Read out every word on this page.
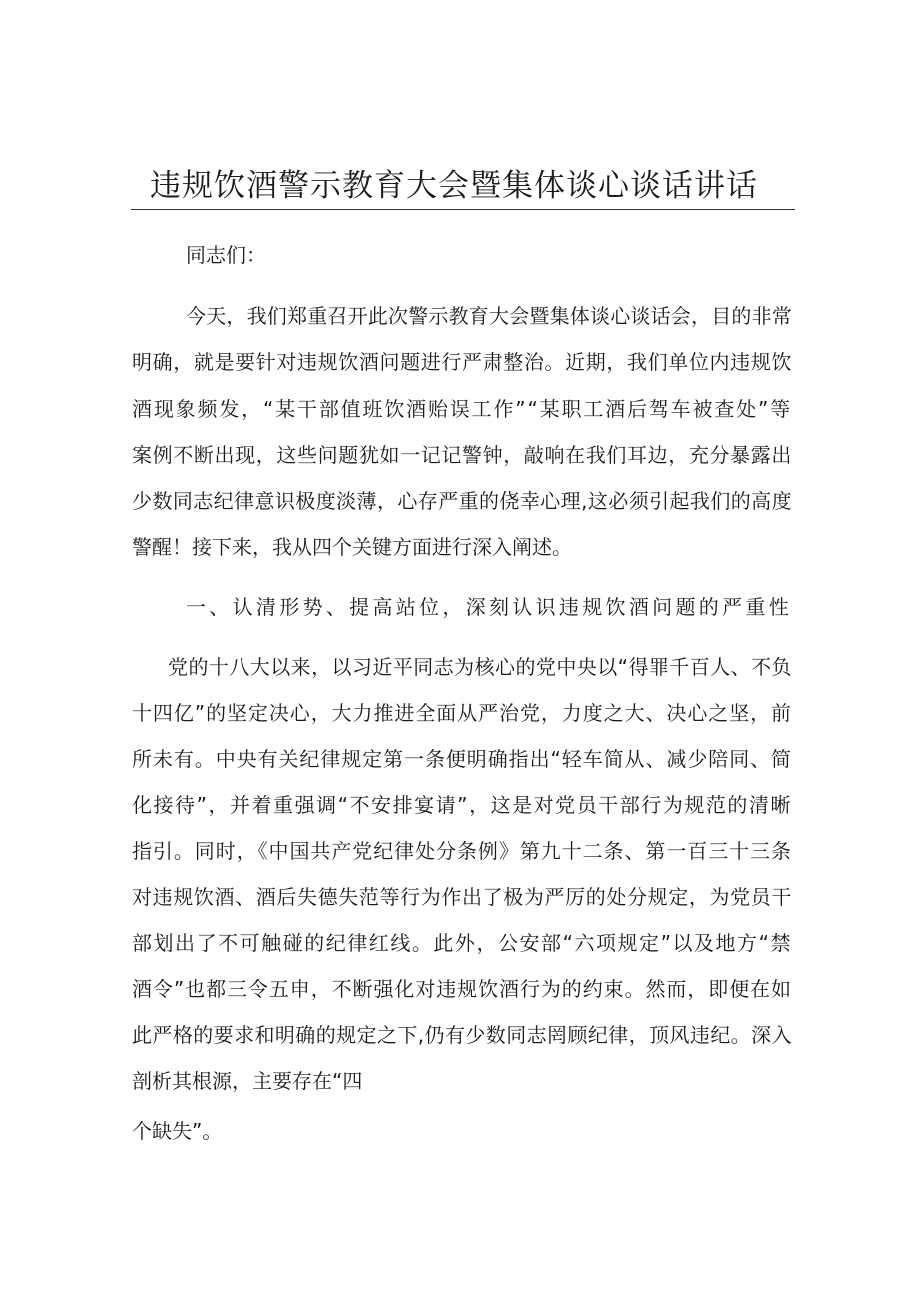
违规饮酒警示教育大会暨集体谈心谈话讲话
同志们：
今天，我们郑重召开此次警示教育大会暨集体谈心谈话会，目的非常
明确，就是要针对违规饮酒问题进行严肃整治。近期，我们单位内违规饮
酒现象频发，“某干部值班饮酒贻误工作”“某职工酒后驾车被查处”等
案例不断出现，这些问题犹如一记记警钟，敲响在我们耳边，充分暴露出
少数同志纪律意识极度淡薄，心存严重的侥幸心理,这必须引起我们的高度
警醒！接下来，我从四个关键方面进行深入阐述。
一、认清形势、提高站位，深刻认识违规饮酒问题的严重性
党的十八大以来，以习近平同志为核心的党中央以“得罪千百人、不负
十四亿”的坚定决心，大力推进全面从严治党，力度之大、决心之坚，前
所未有。中央有关纪律规定第一条便明确指出“轻车简从、减少陪同、简
化接待”，并着重强调“不安排宴请”，这是对党员干部行为规范的清晰
指引。同时，《中国共产党纪律处分条例》第九十二条、第一百三十三条
对违规饮酒、酒后失德失范等行为作出了极为严厉的处分规定，为党员干
部划出了不可触碰的纪律红线。此外，公安部“六项规定”以及地方“禁
酒令”也都三令五申，不断强化对违规饮酒行为的约束。然而，即便在如
此严格的要求和明确的规定之下,仍有少数同志罔顾纪律，顶风违纪。深入
剖析其根源，主要存在“四
个缺失”。
